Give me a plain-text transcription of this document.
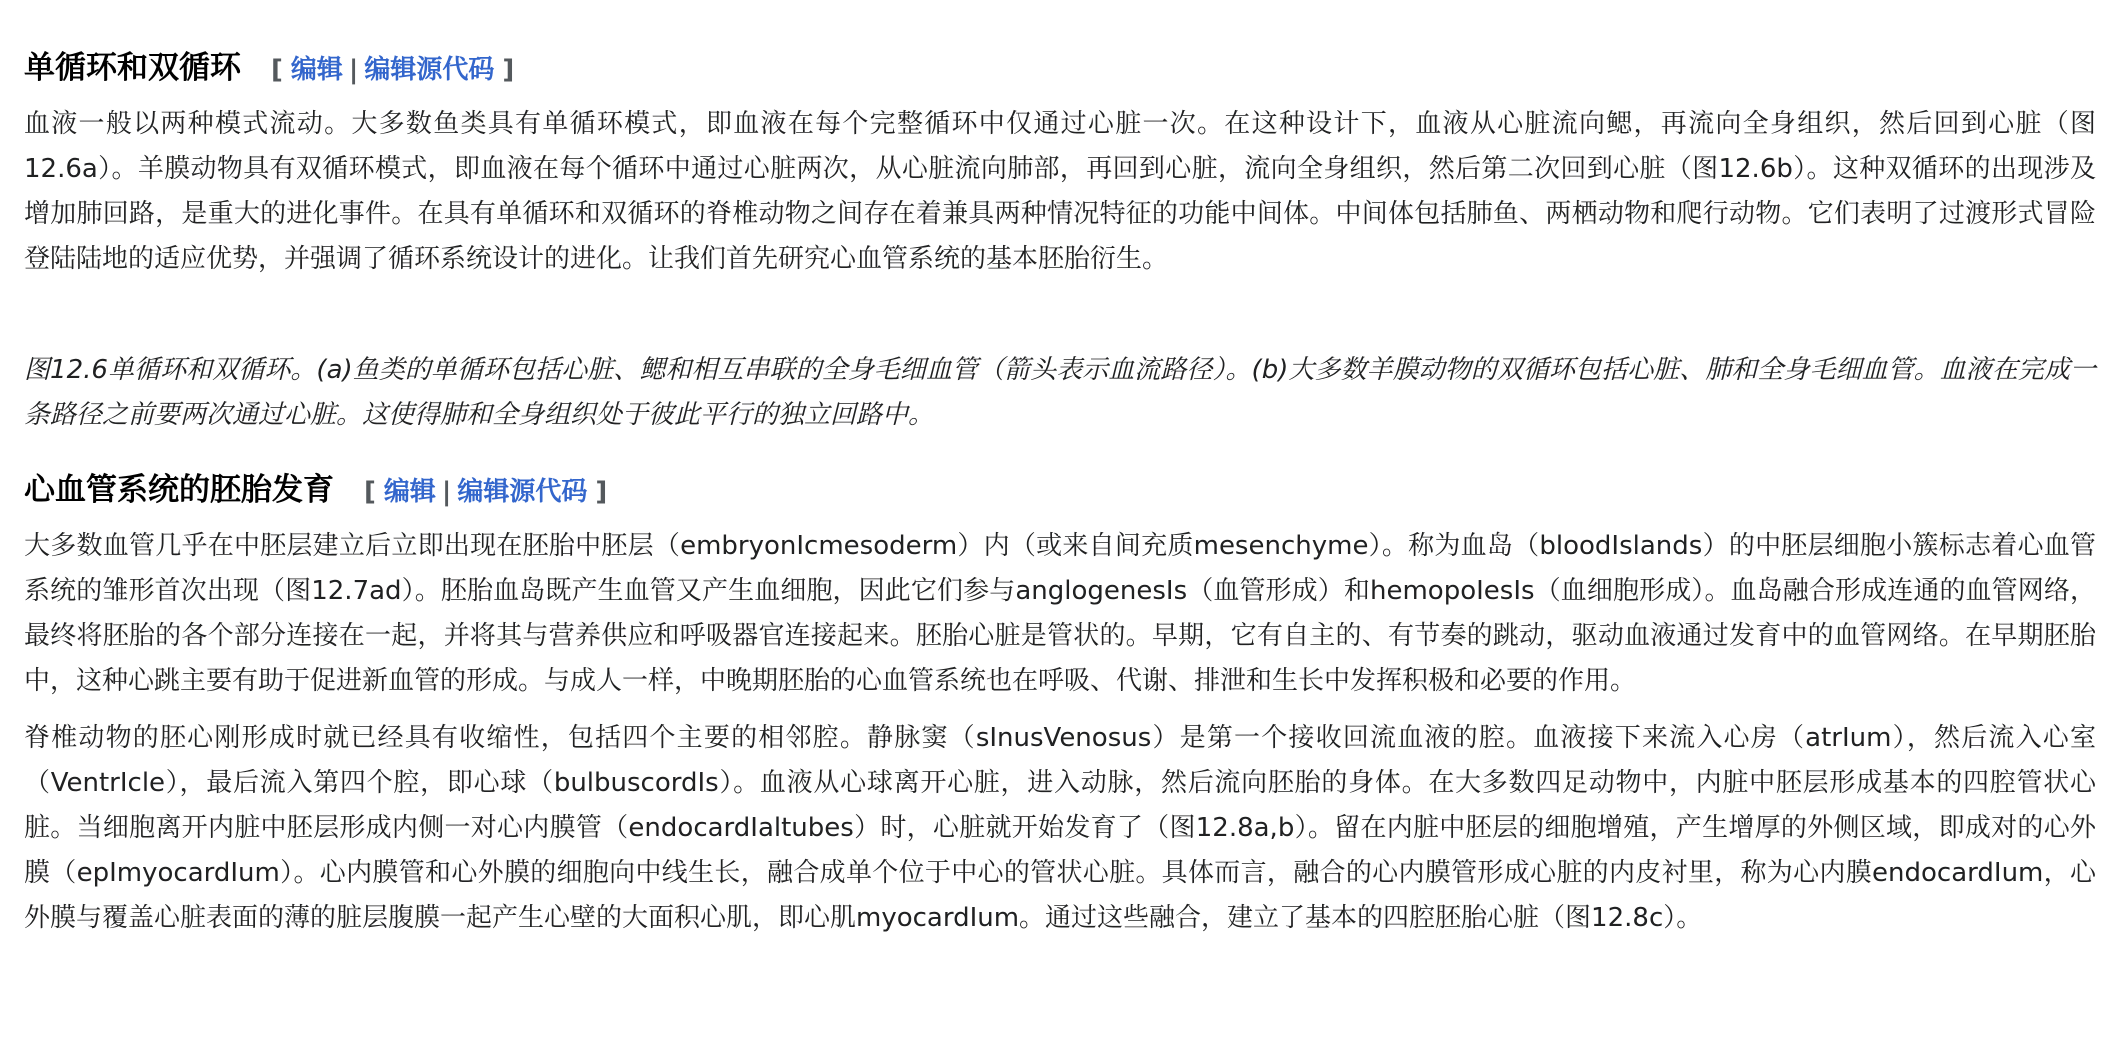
单循环和双循环 [ 编辑 | 编辑源代码 ]

血液一般以两种模式流动。大多数鱼类具有单循环模式，即血液在每个完整循环中仅通过心脏一次。在这种设计下，血液从心脏流向鳃，再流向全身组织，然后回到心脏（图12.6a）。羊膜动物具有双循环模式，即血液在每个循环中通过心脏两次，从心脏流向肺部，再回到心脏，流向全身组织，然后第二次回到心脏（图12.6b）。这种双循环的出现涉及增加肺回路，是重大的进化事件。在具有单循环和双循环的脊椎动物之间存在着兼具两种情况特征的功能中间体。中间体包括肺鱼、两栖动物和爬行动物。它们表明了过渡形式冒险登陆陆地的适应优势，并强调了循环系统设计的进化。让我们首先研究心血管系统的基本胚胎衍生。

图12.6单循环和双循环。(a)鱼类的单循环包括心脏、鳃和相互串联的全身毛细血管（箭头表示血流路径）。(b)大多数羊膜动物的双循环包括心脏、肺和全身毛细血管。血液在完成一条路径之前要两次通过心脏。这使得肺和全身组织处于彼此平行的独立回路中。

心血管系统的胚胎发育 [ 编辑 | 编辑源代码 ]

大多数血管几乎在中胚层建立后立即出现在胚胎中胚层（embryonIcmesoderm）内（或来自间充质mesenchyme）。称为血岛（bloodIslands）的中胚层细胞小簇标志着心血管系统的雏形首次出现（图12.7ad）。胚胎血岛既产生血管又产生血细胞，因此它们参与anglogenesIs（血管形成）和hemopoIesIs（血细胞形成）。血岛融合形成连通的血管网络，最终将胚胎的各个部分连接在一起，并将其与营养供应和呼吸器官连接起来。胚胎心脏是管状的。早期，它有自主的、有节奏的跳动，驱动血液通过发育中的血管网络。在早期胚胎中，这种心跳主要有助于促进新血管的形成。与成人一样，中晚期胚胎的心血管系统也在呼吸、代谢、排泄和生长中发挥积极和必要的作用。

脊椎动物的胚心刚形成时就已经具有收缩性，包括四个主要的相邻腔。静脉窦（sInusVenosus）是第一个接收回流血液的腔。血液接下来流入心房（atrIum），然后流入心室（VentrIcle），最后流入第四个腔，即心球（bulbuscordIs）。血液从心球离开心脏，进入动脉，然后流向胚胎的身体。在大多数四足动物中，内脏中胚层形成基本的四腔管状心脏。当细胞离开内脏中胚层形成内侧一对心内膜管（endocardIaltubes）时，心脏就开始发育了（图12.8a,b）。留在内脏中胚层的细胞增殖，产生增厚的外侧区域，即成对的心外膜（epImyocardIum）。心内膜管和心外膜的细胞向中线生长，融合成单个位于中心的管状心脏。具体而言，融合的心内膜管形成心脏的内皮衬里，称为心内膜endocardIum，心外膜与覆盖心脏表面的薄的脏层腹膜一起产生心壁的大面积心肌，即心肌myocardIum。通过这些融合，建立了基本的四腔胚胎心脏（图12.8c）。
